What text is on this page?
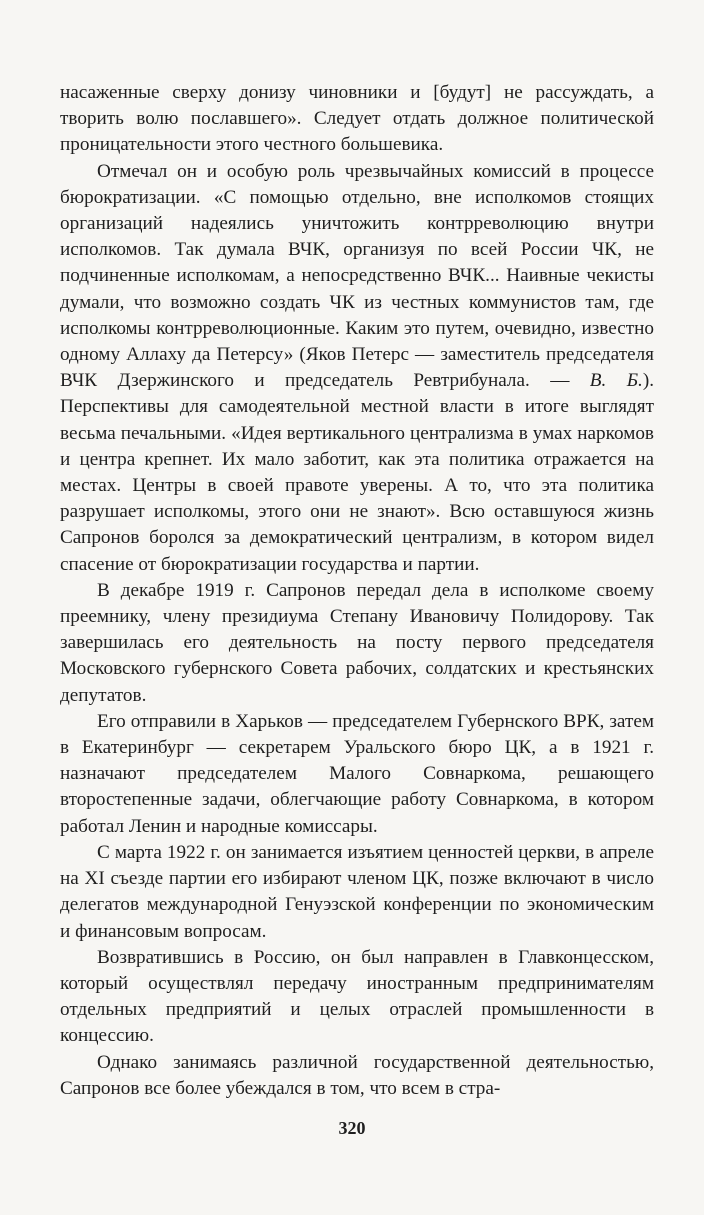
насаженные сверху донизу чиновники и [будут] не рассуждать, а творить волю пославшего». Следует отдать должное политической проницательности этого честного большевика.

Отмечал он и особую роль чрезвычайных комиссий в процессе бюрократизации. «С помощью отдельно, вне исполкомов стоящих организаций надеялись уничтожить контрреволюцию внутри исполкомов. Так думала ВЧК, организуя по всей России ЧК, не подчиненные исполкомам, а непосредственно ВЧК... Наивные чекисты думали, что возможно создать ЧК из честных коммунистов там, где исполкомы контрреволюционные. Каким это путем, очевидно, известно одному Аллаху да Петерсу» (Яков Петерс — заместитель председателя ВЧК Дзержинского и председатель Ревтрибунала. — В. Б.). Перспективы для самодеятельной местной власти в итоге выглядят весьма печальными. «Идея вертикального централизма в умах наркомов и центра крепнет. Их мало заботит, как эта политика отражается на местах. Центры в своей правоте уверены. А то, что эта политика разрушает исполкомы, этого они не знают». Всю оставшуюся жизнь Сапронов боролся за демократический централизм, в котором видел спасение от бюрократизации государства и партии.

В декабре 1919 г. Сапронов передал дела в исполкоме своему преемнику, члену президиума Степану Ивановичу Полидорову. Так завершилась его деятельность на посту первого председателя Московского губернского Совета рабочих, солдатских и крестьянских депутатов.

Его отправили в Харьков — председателем Губернского ВРК, затем в Екатеринбург — секретарем Уральского бюро ЦК, а в 1921 г. назначают председателем Малого Совнаркома, решающего второстепенные задачи, облегчающие работу Совнаркома, в котором работал Ленин и народные комиссары.

С марта 1922 г. он занимается изъятием ценностей церкви, в апреле на XI съезде партии его избирают членом ЦК, позже включают в число делегатов международной Генуэзской конференции по экономическим и финансовым вопросам.

Возвратившись в Россию, он был направлен в Главконцесском, который осуществлял передачу иностранным предпринимателям отдельных предприятий и целых отраслей промышленности в концессию.

Однако занимаясь различной государственной деятельностью, Сапронов все более убеждался в том, что всем в стра-

320
